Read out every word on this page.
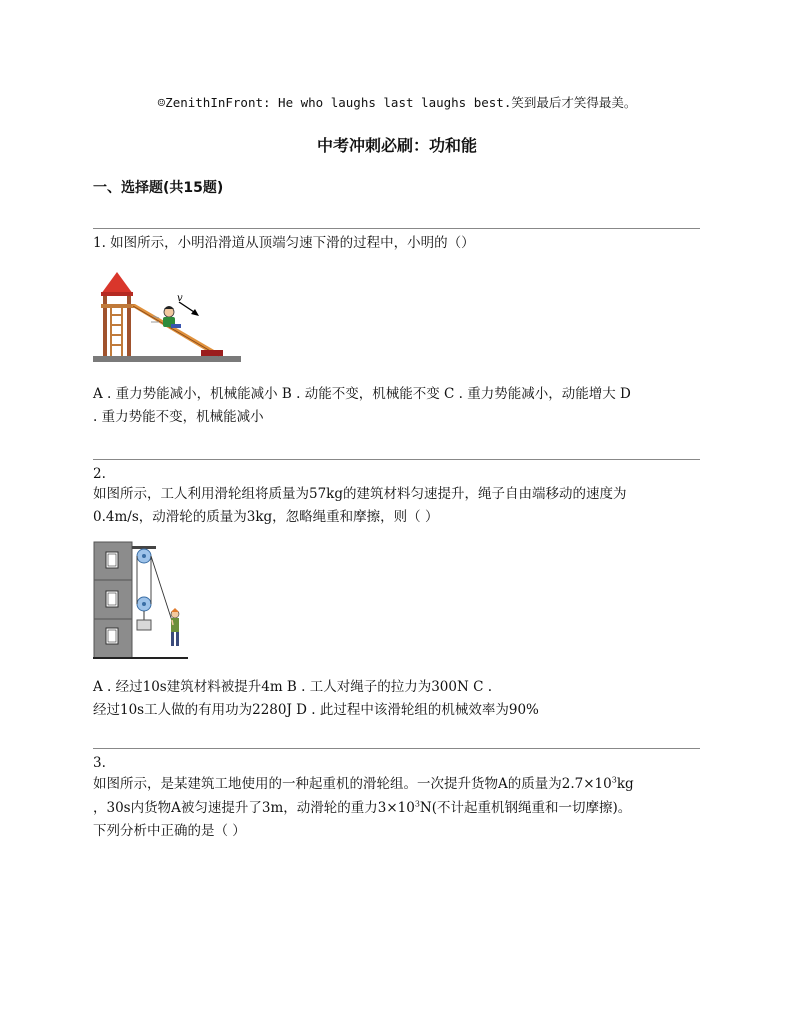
☺ZenithInFront: He who laughs last laughs best.笑到最后才笑得最美。
中考冲刺必刷：功和能
一、选择题(共15题)
1. 如图所示，小明沿滑道从顶端匀速下滑的过程中，小明的（）
v
A . 重力势能减小，机械能减小 B . 动能不变，机械能不变 C . 重力势能减小，动能增大 D
. 重力势能不变，机械能减小
2.
如图所示，工人利用滑轮组将质量为57kg的建筑材料匀速提升，绳子自由端移动的速度为
0.4m/s，动滑轮的质量为3kg，忽略绳重和摩擦，则（ ）
A . 经过10s建筑材料被提升4m B . 工人对绳子的拉力为300N C .
经过10s工人做的有用功为2280J D . 此过程中该滑轮组的机械效率为90%
3.
如图所示，是某建筑工地使用的一种起重机的滑轮组。一次提升货物A的质量为$2.7\times 10^3kg$
，30s内货物A被匀速提升了3m，动滑轮的重力$3\times 10^3N$(不计起重机钢绳重和一切摩擦)。
下列分析中正确的是（ ）
